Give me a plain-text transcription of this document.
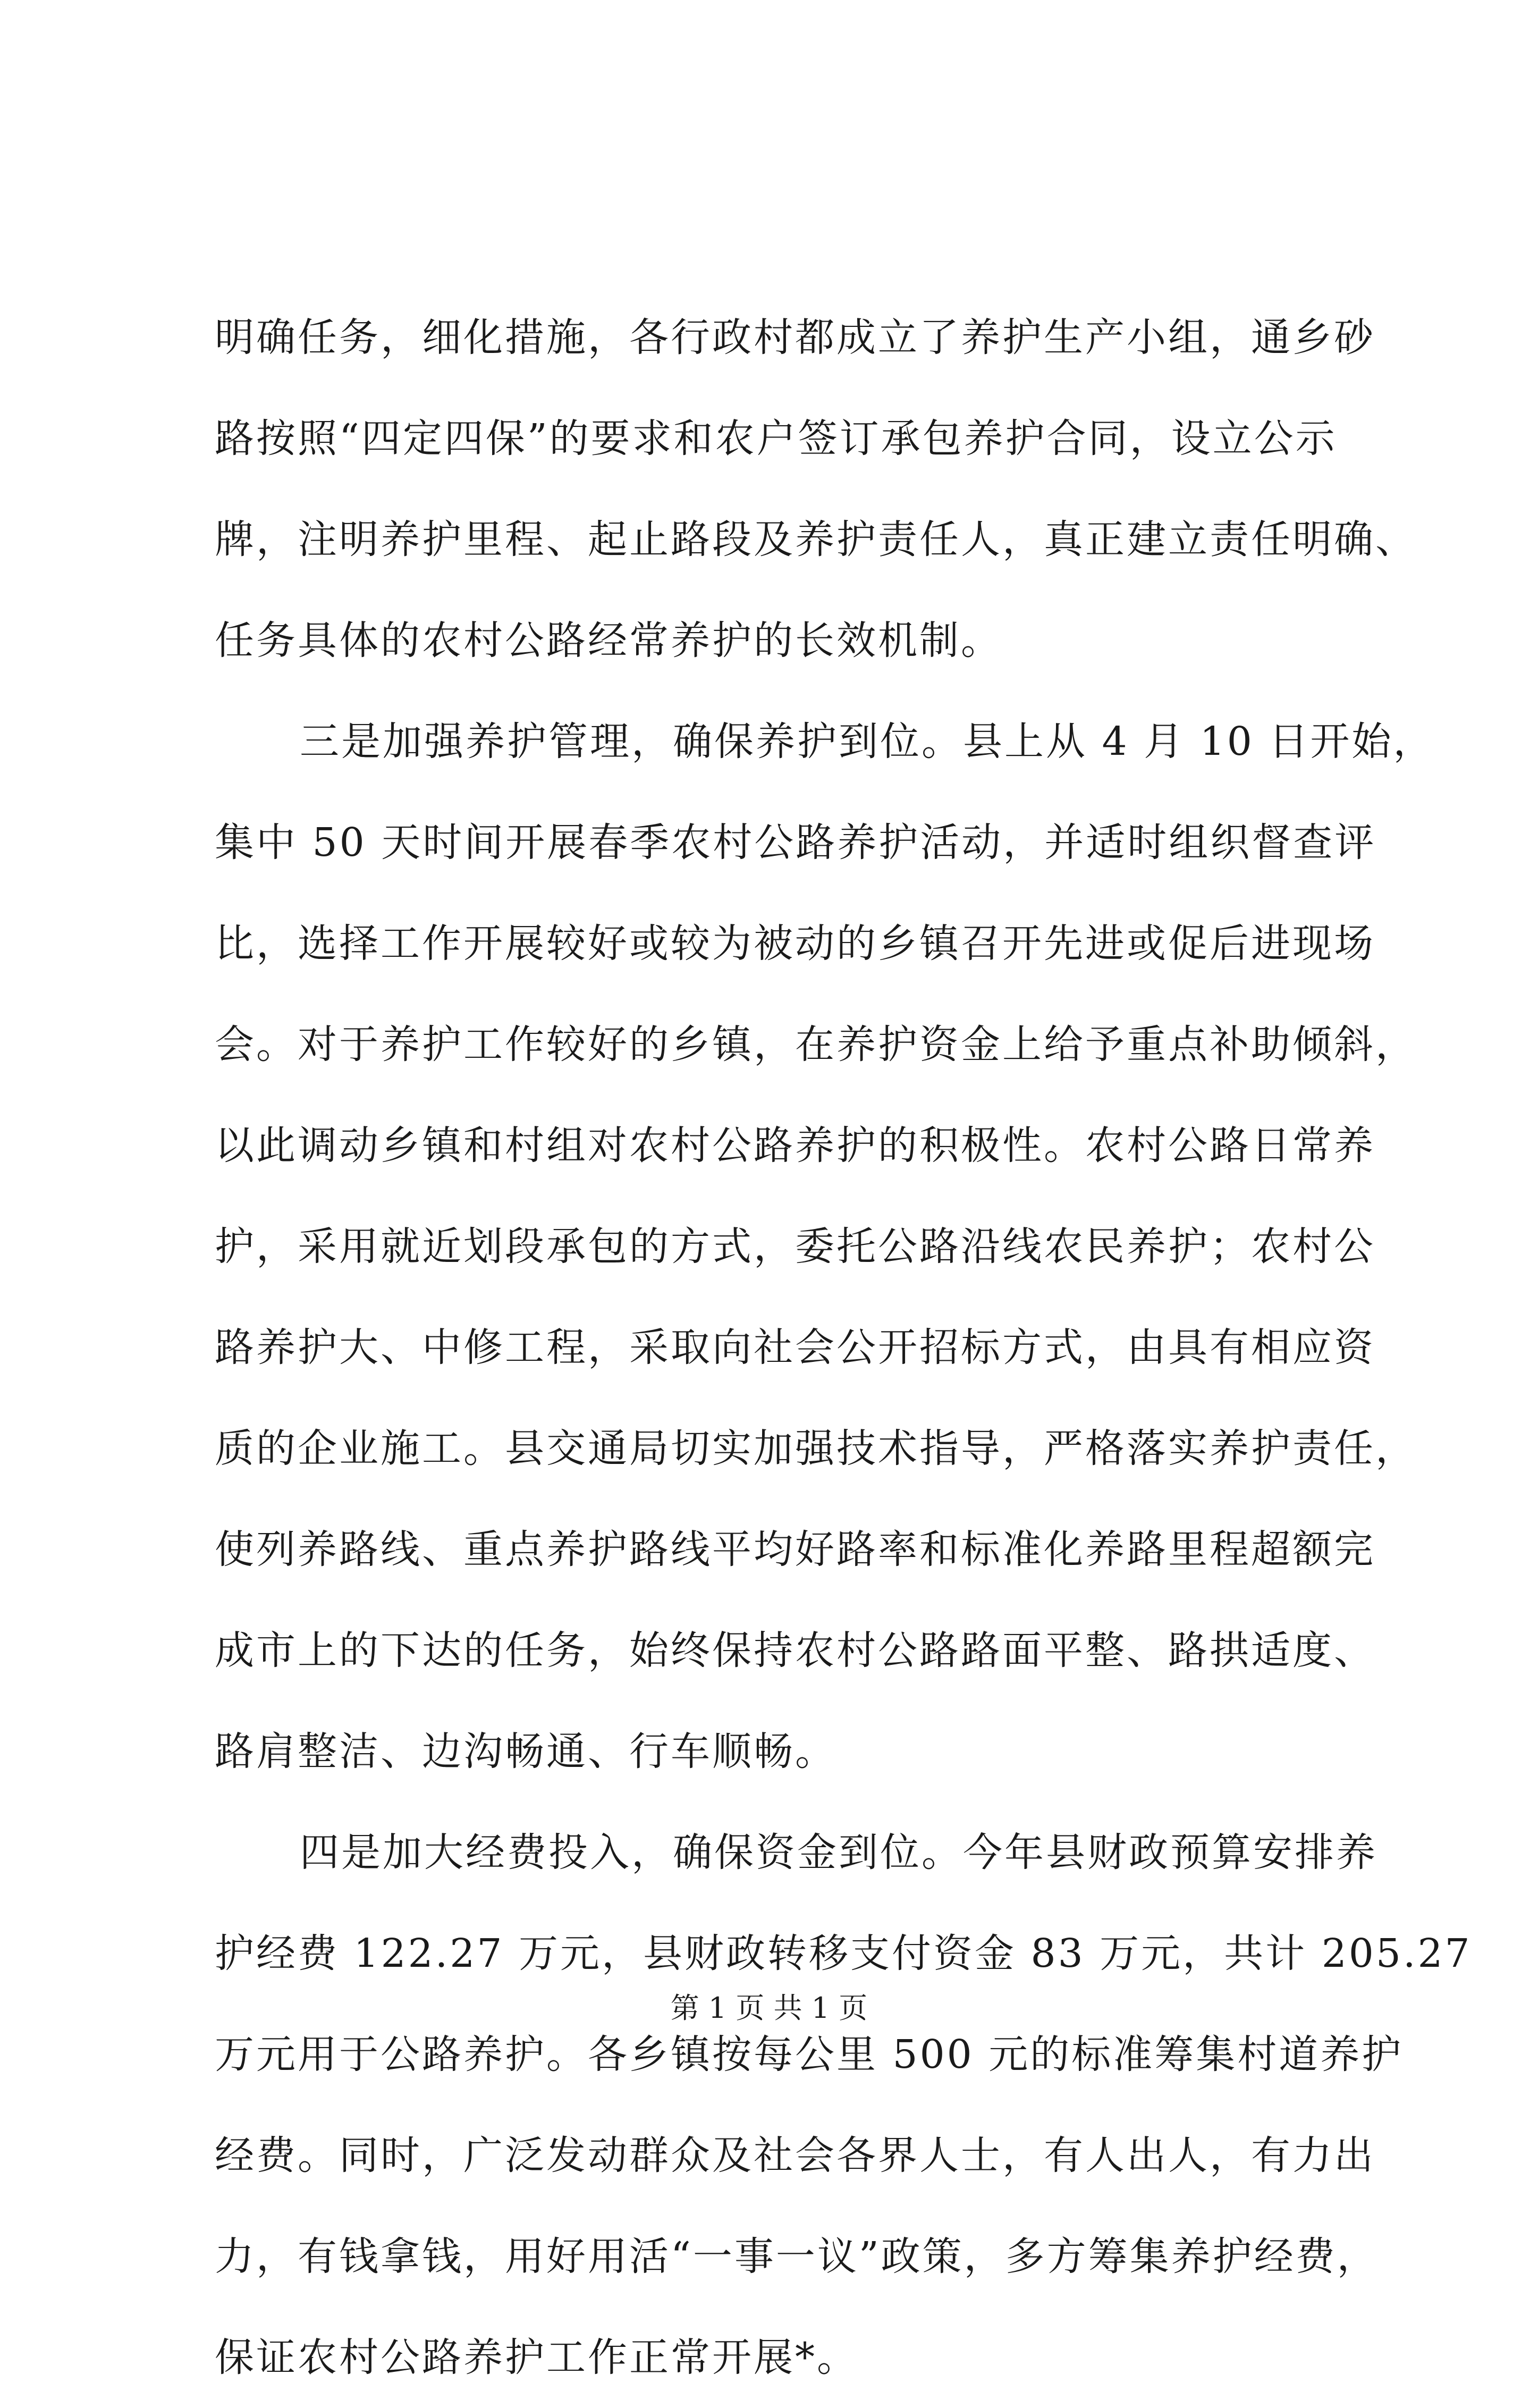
明确任务，细化措施，各行政村都成立了养护生产小组，通乡砂
路按照“四定四保”的要求和农户签订承包养护合同，设立公示
牌，注明养护里程、起止路段及养护责任人，真正建立责任明确、
任务具体的农村公路经常养护的长效机制。
三是加强养护管理，确保养护到位。县上从 4 月 10 日开始，
集中 50 天时间开展春季农村公路养护活动，并适时组织督查评
比，选择工作开展较好或较为被动的乡镇召开先进或促后进现场
会。对于养护工作较好的乡镇，在养护资金上给予重点补助倾斜，
以此调动乡镇和村组对农村公路养护的积极性。农村公路日常养
护，采用就近划段承包的方式，委托公路沿线农民养护；农村公
路养护大、中修工程，采取向社会公开招标方式，由具有相应资
质的企业施工。县交通局切实加强技术指导，严格落实养护责任，
使列养路线、重点养护路线平均好路率和标准化养路里程超额完
成市上的下达的任务，始终保持农村公路路面平整、路拱适度、
路肩整洁、边沟畅通、行车顺畅。
四是加大经费投入，确保资金到位。今年县财政预算安排养
护经费 122.27 万元，县财政转移支付资金 83 万元，共计 205.27
万元用于公路养护。各乡镇按每公里 500 元的标准筹集村道养护
经费。同时，广泛发动群众及社会各界人士，有人出人，有力出
力，有钱拿钱，用好用活“一事一议”政策，多方筹集养护经费，
保证农村公路养护工作正常开展*。
第 1 页 共 1 页
